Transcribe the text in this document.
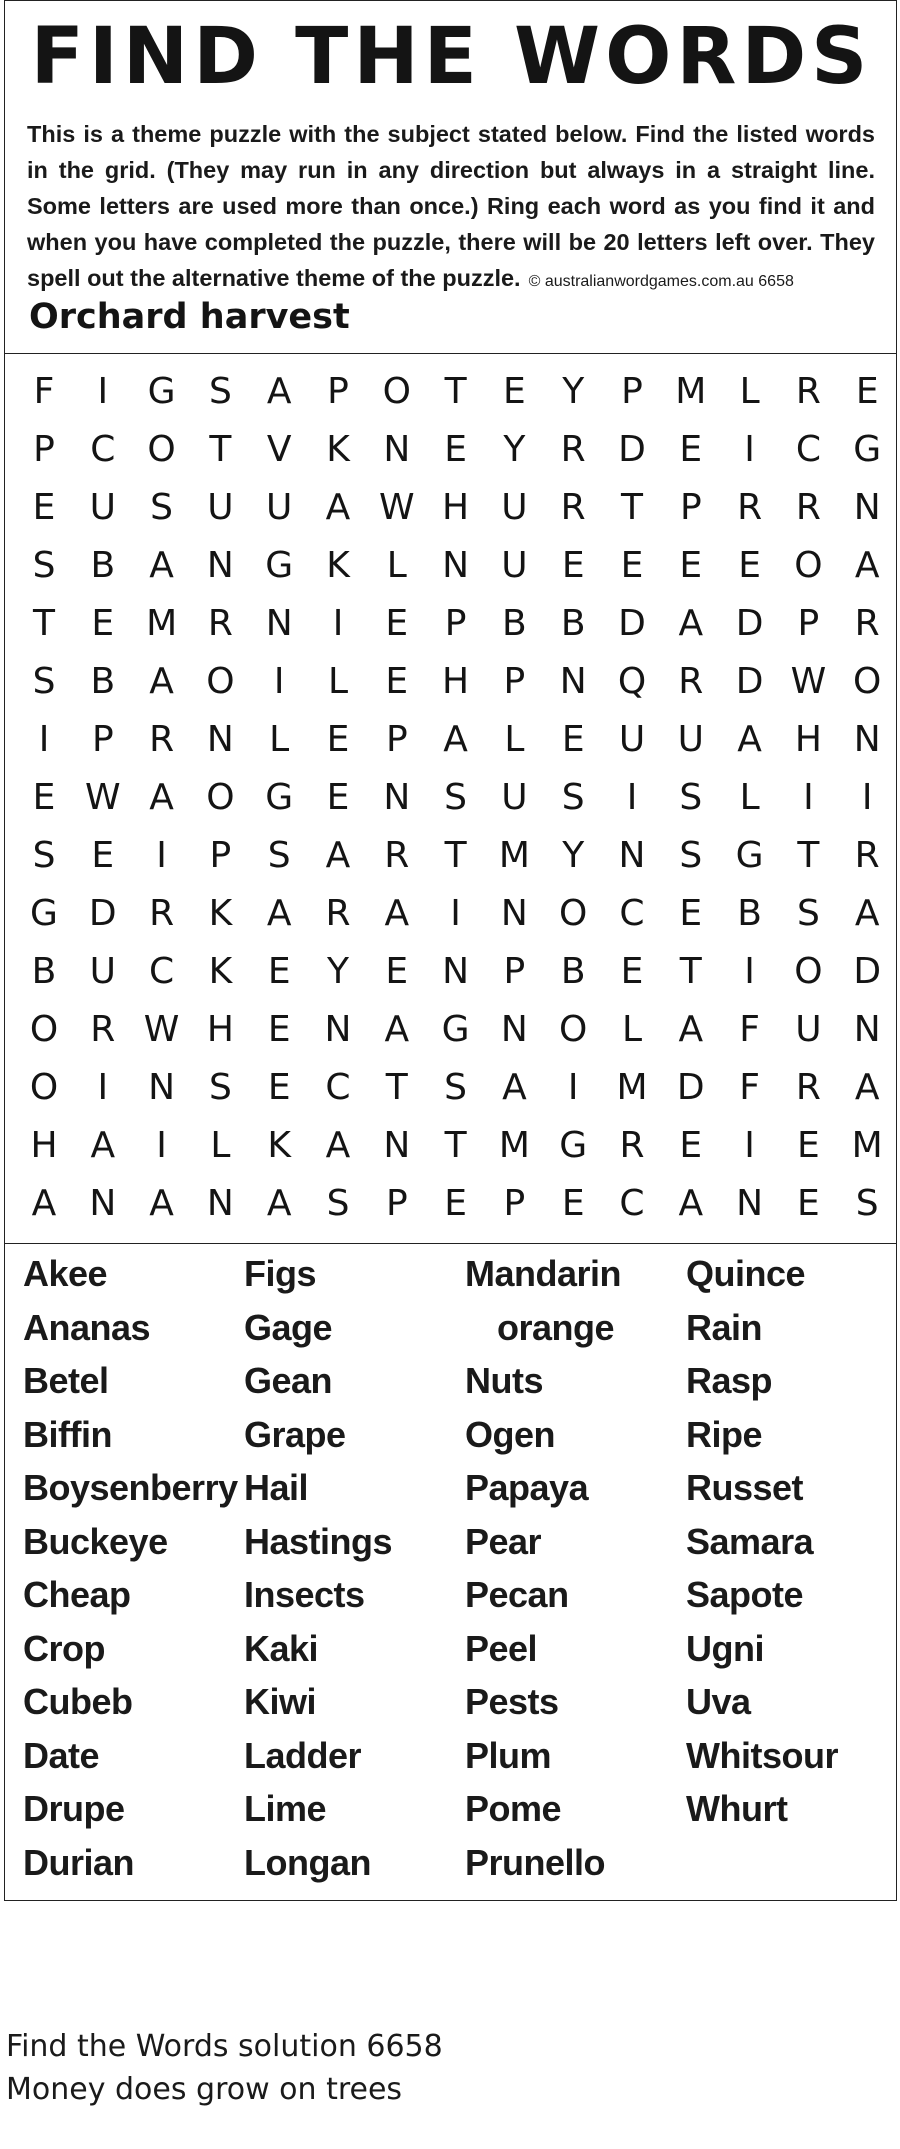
FIND THE WORDS
This is a theme puzzle with the subject stated below. Find the listed words in the grid. (They may run in any direction but always in a straight line. Some letters are used more than once.) Ring each word as you find it and when you have completed the puzzle, there will be 20 letters left over. They spell out the alternative theme of the puzzle. © australianwordgames.com.au 6658
Orchard harvest
F	I	G S A P O T	E	Y	P M L	R E
P C O T V K N E	Y R D E	I	C G
E U S U U A W H U R T	P R R N
S B A N G K	L N U E	E	E	E O A
T	E M R N	I	E	P B B D A D P R
S B A O	I	L	E H P N Q R D W O
I	P R N L	E	P A	L	E U U A H N
E W A O G E N S U S	I	S	L	I	I
S	E	I	P	S A R T M Y N S G T R
G D R K A R A	I	N O C E B S A
B U C K E	Y	E N P B E	T	I	O D
O R W H E N A G N O L	A	F U N
O	I	N S	E C T	S A	I	M D F R A
H A	I	L	K A N T M G R E	I	E M
A N A N A S	P	E	P	E C A N E S
Akee
Ananas
Betel
Biffin
Boysenberry
Buckeye
Cheap
Crop
Cubeb
Date
Drupe
Durian
Figs
Gage
Gean
Grape
Hail
Hastings
Insects
Kaki
Kiwi
Ladder
Lime
Longan
Mandarin
orange
Nuts
Ogen
Papaya
Pear
Pecan
Peel
Pests
Plum
Pome
Prunello
Quince
Rain
Rasp
Ripe
Russet
Samara
Sapote
Ugni
Uva
Whitsour
Whurt
Find the Words solution 6658
Money does grow on trees
